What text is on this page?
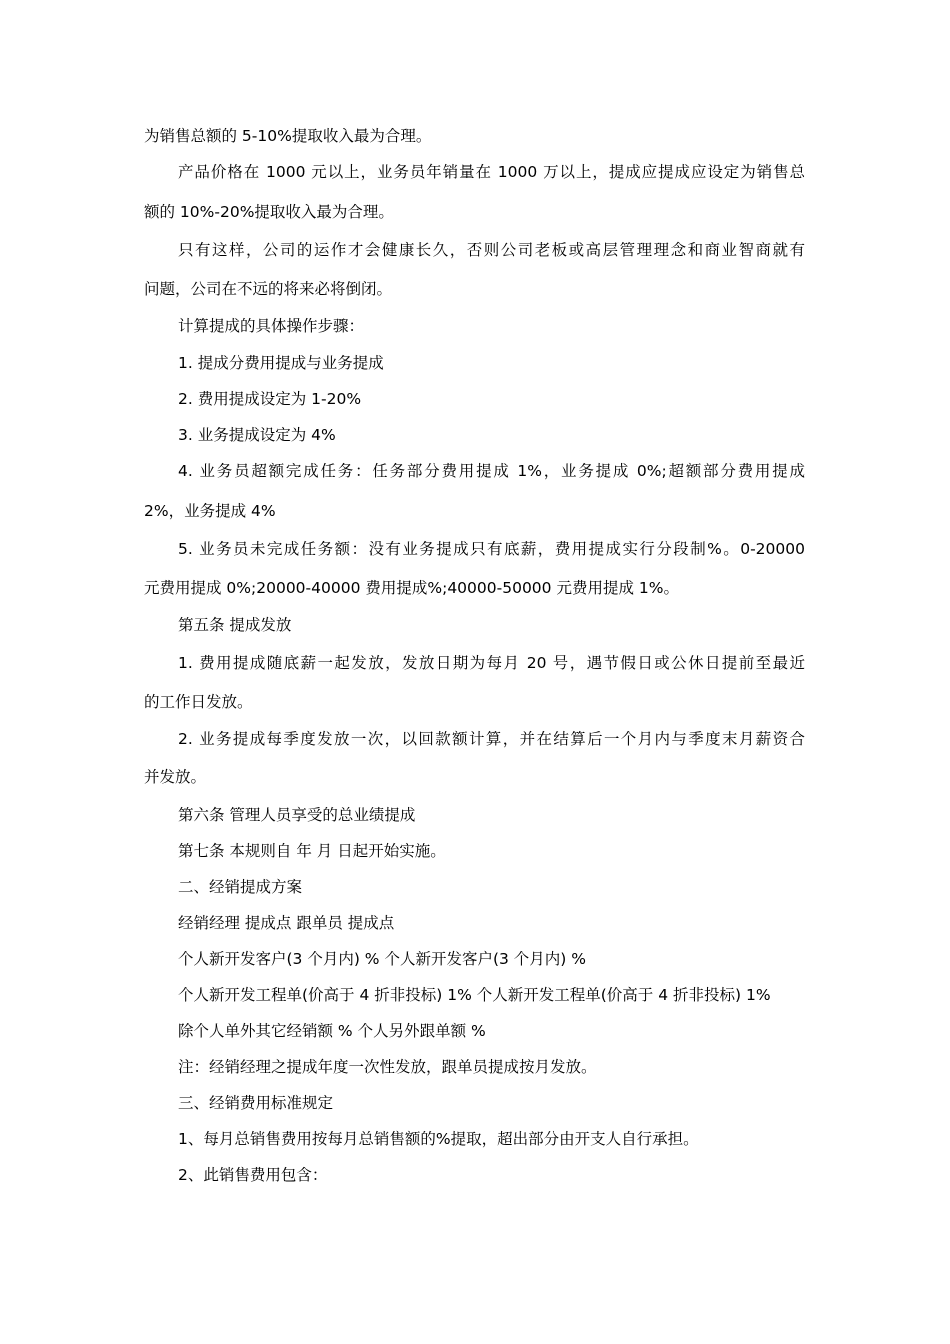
为销售总额的 5-10%提取收入最为合理。
产品价格在 1000 元以上，业务员年销量在 1000 万以上，提成应提成应设定为销售总
额的 10%-20%提取收入最为合理。
只有这样，公司的运作才会健康长久，否则公司老板或高层管理理念和商业智商就有
问题，公司在不远的将来必将倒闭。
计算提成的具体操作步骤：
1. 提成分费用提成与业务提成
2. 费用提成设定为 1-20%
3. 业务提成设定为 4%
4. 业务员超额完成任务：任务部分费用提成 1%，业务提成 0%;超额部分费用提成
2%，业务提成 4%
5. 业务员未完成任务额：没有业务提成只有底薪，费用提成实行分段制%。0-20000
元费用提成 0%;20000-40000 费用提成%;40000-50000 元费用提成 1%。
第五条 提成发放
1. 费用提成随底薪一起发放，发放日期为每月 20 号，遇节假日或公休日提前至最近
的工作日发放。
2. 业务提成每季度发放一次，以回款额计算，并在结算后一个月内与季度末月薪资合
并发放。
第六条 管理人员享受的总业绩提成
第七条 本规则自 年 月 日起开始实施。
二、经销提成方案
经销经理 提成点 跟单员 提成点
个人新开发客户(3 个月内) % 个人新开发客户(3 个月内) %
个人新开发工程单(价高于 4 折非投标) 1% 个人新开发工程单(价高于 4 折非投标) 1%
除个人单外其它经销额 % 个人另外跟单额 %
注：经销经理之提成年度一次性发放，跟单员提成按月发放。
三、经销费用标准规定
1、每月总销售费用按每月总销售额的%提取，超出部分由开支人自行承担。
2、此销售费用包含：
